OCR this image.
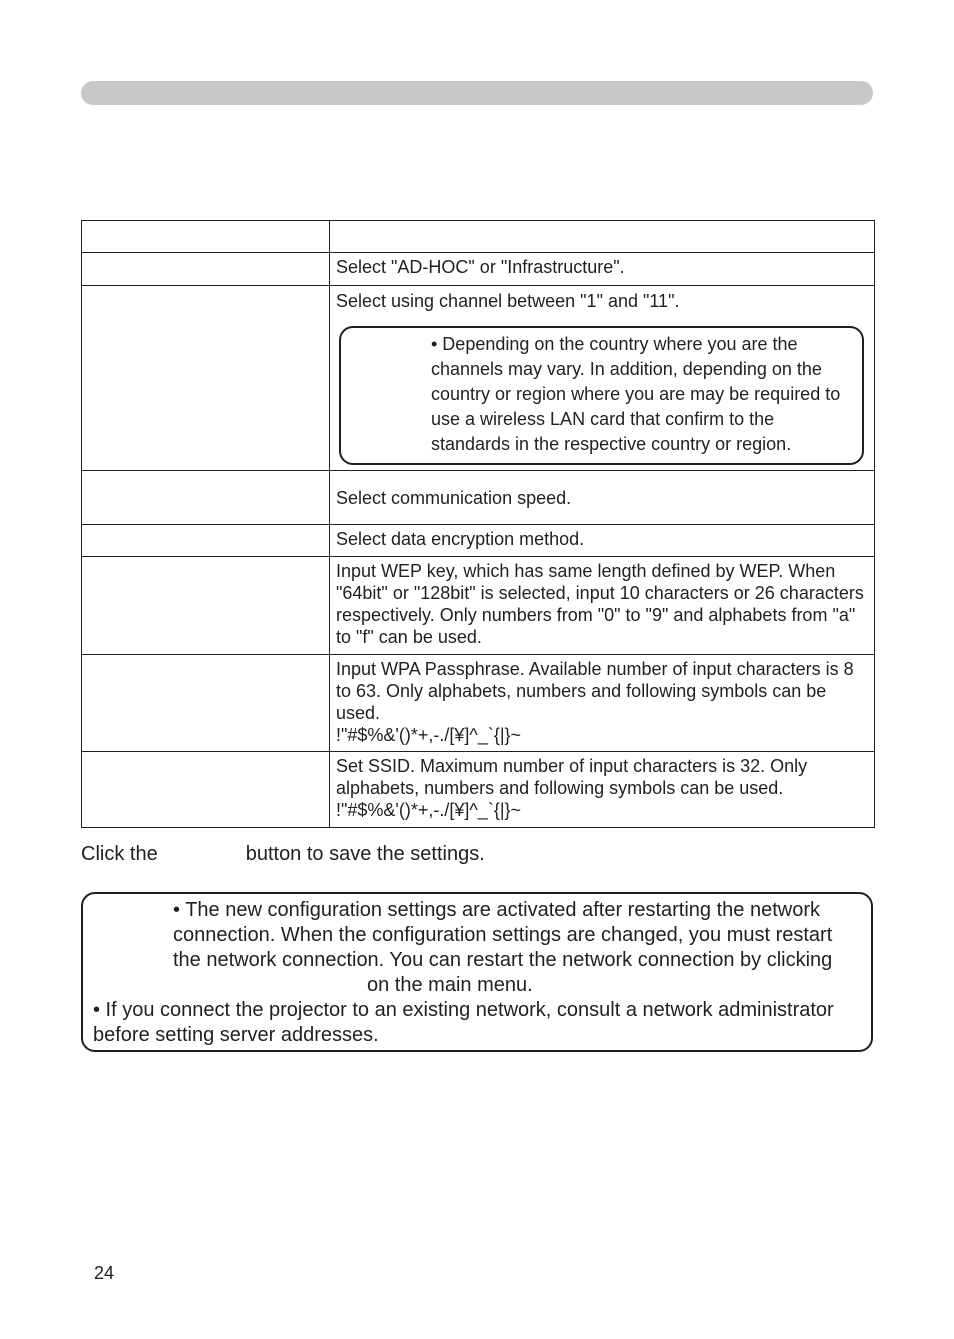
	Select "AD-HOC" or "Infrastructure".

	Select using channel between "1" and "11".
• Depending on the country where you are the channels may vary. In addition, depending on the country or region where you are may be required to use a wireless LAN card that confirm to the standards in the respective country or region.

	Select communication speed.

	Select data encryption method.

	Input WEP key, which has same length defined by WEP. When "64bit" or "128bit" is selected, input 10 characters or 26 characters respectively. Only numbers from "0" to "9" and alphabets from "a" to "f" can be used.

	Input WPA Passphrase. Available number of input characters is 8 to 63. Only alphabets, numbers and following symbols can be used.
!"#$%&'()*+,-./[¥]^_`{|}~

	Set SSID. Maximum number of input characters is 32. Only alphabets, numbers and following symbols can be used.
!"#$%&'()*+,-./[¥]^_`{|}~
Click the	button to save the settings.
• The new configuration settings are activated after restarting the network connection. When the configuration settings are changed, you must restart the network connection. You can restart the network connection by clickingon the main menu.
• If you connect the projector to an existing network, consult a network administrator before setting server addresses.
24
